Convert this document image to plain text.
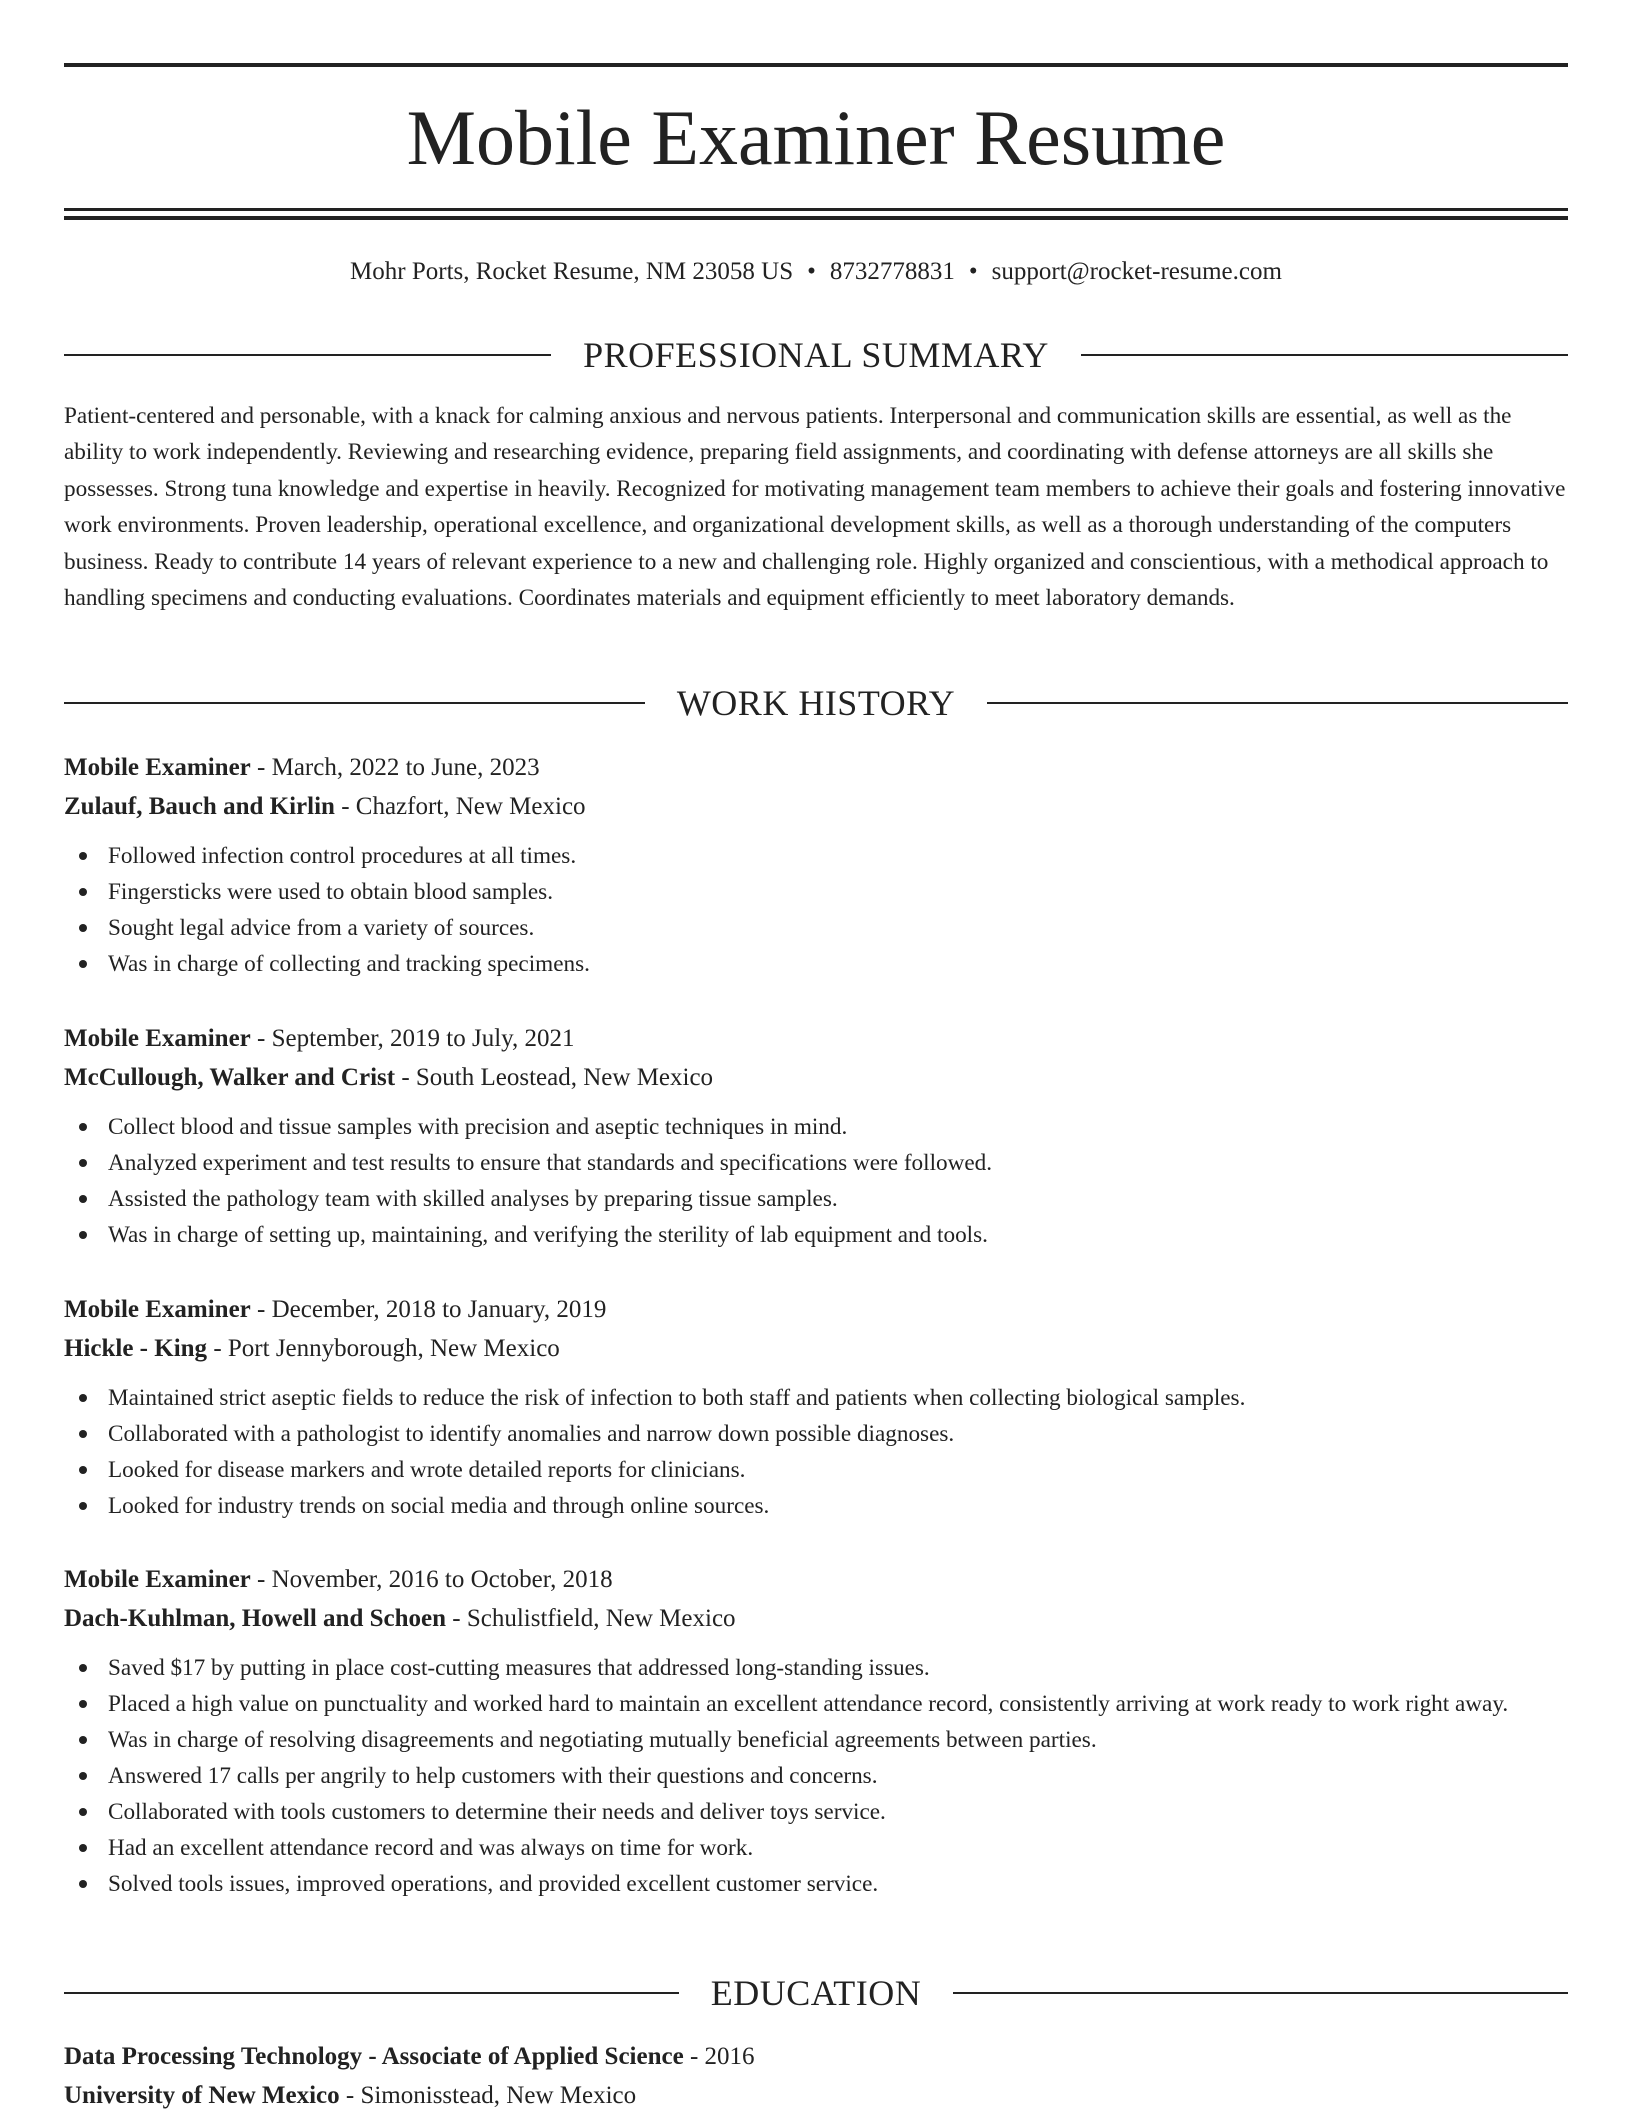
Mobile Examiner Resume
Mohr Ports, Rocket Resume, NM 23058 US • 8732778831 • support@rocket-resume.com
PROFESSIONAL SUMMARY

Patient-centered and personable, with a knack for calming anxious and nervous patients. Interpersonal and communication skills are essential, as well as the ability to work independently. Reviewing and researching evidence, preparing field assignments, and coordinating with defense attorneys are all skills she possesses. Strong tuna knowledge and expertise in heavily. Recognized for motivating management team members to achieve their goals and fostering innovative work environments. Proven leadership, operational excellence, and organizational development skills, as well as a thorough understanding of the computers business. Ready to contribute 14 years of relevant experience to a new and challenging role. Highly organized and conscientious, with a methodical approach to handling specimens and conducting evaluations. Coordinates materials and equipment efficiently to meet laboratory demands.

WORK HISTORY

Mobile Examiner - March, 2022 to June, 2023

Zulauf, Bauch and Kirlin - Chazfort, New Mexico

Followed infection control procedures at all times.
Fingersticks were used to obtain blood samples.
Sought legal advice from a variety of sources.
Was in charge of collecting and tracking specimens.

Mobile Examiner - September, 2019 to July, 2021

McCullough, Walker and Crist - South Leostead, New Mexico

Collect blood and tissue samples with precision and aseptic techniques in mind.
Analyzed experiment and test results to ensure that standards and specifications were followed.
Assisted the pathology team with skilled analyses by preparing tissue samples.
Was in charge of setting up, maintaining, and verifying the sterility of lab equipment and tools.

Mobile Examiner - December, 2018 to January, 2019

Hickle - King - Port Jennyborough, New Mexico

Maintained strict aseptic fields to reduce the risk of infection to both staff and patients when collecting biological samples.
Collaborated with a pathologist to identify anomalies and narrow down possible diagnoses.
Looked for disease markers and wrote detailed reports for clinicians.
Looked for industry trends on social media and through online sources.

Mobile Examiner - November, 2016 to October, 2018

Dach-Kuhlman, Howell and Schoen - Schulistfield, New Mexico

Saved $17 by putting in place cost-cutting measures that addressed long-standing issues.
Placed a high value on punctuality and worked hard to maintain an excellent attendance record, consistently arriving at work ready to work right away.
Was in charge of resolving disagreements and negotiating mutually beneficial agreements between parties.
Answered 17 calls per angrily to help customers with their questions and concerns.
Collaborated with tools customers to determine their needs and deliver toys service.
Had an excellent attendance record and was always on time for work.
Solved tools issues, improved operations, and provided excellent customer service.
EDUCATION

Data Processing Technology - Associate of Applied Science - 2016

University of New Mexico - Simonisstead, New Mexico
